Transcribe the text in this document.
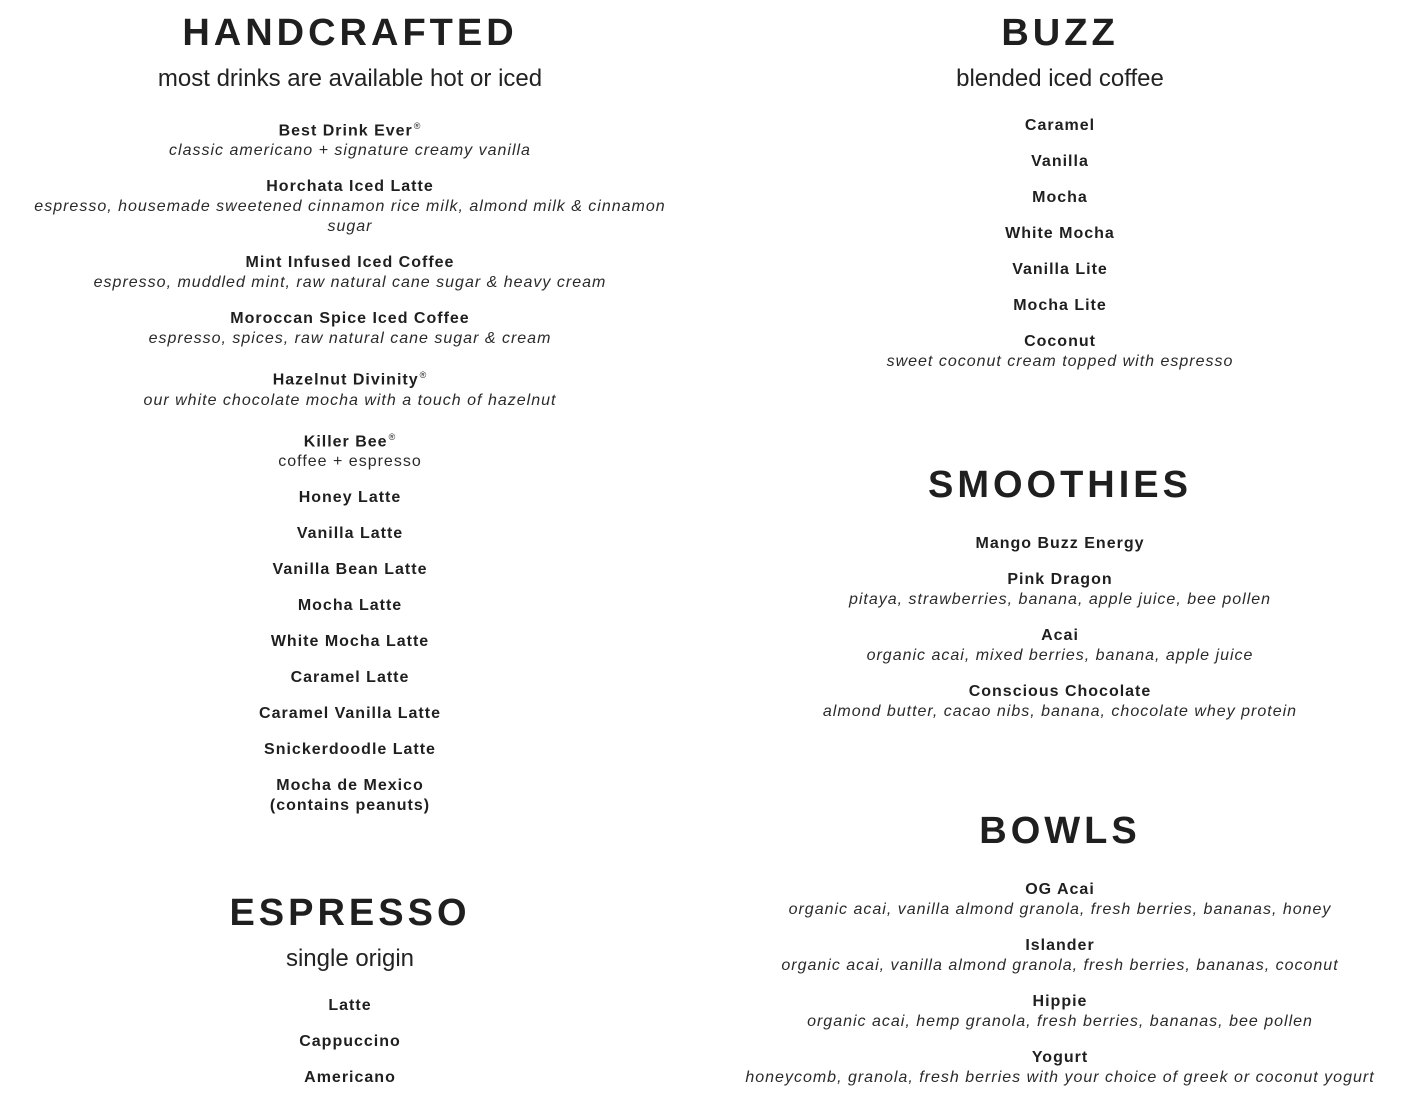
HANDCRAFTED
most drinks are available hot or iced
Best Drink Ever®
classic americano + signature creamy vanilla
Horchata Iced Latte
espresso, housemade sweetened cinnamon rice milk, almond milk & cinnamon sugar
Mint Infused Iced Coffee
espresso, muddled mint, raw natural cane sugar & heavy cream
Moroccan Spice Iced Coffee
espresso, spices, raw natural cane sugar & cream
Hazelnut Divinity®
our white chocolate mocha with a touch of hazelnut
Killer Bee®
coffee + espresso
Honey Latte
Vanilla Latte
Vanilla Bean Latte
Mocha Latte
White Mocha Latte
Caramel Latte
Caramel Vanilla Latte
Snickerdoodle Latte
Mocha de Mexico
(contains peanuts)
ESPRESSO
single origin
Latte
Cappuccino
Americano
BUZZ
blended iced coffee
Caramel
Vanilla
Mocha
White Mocha
Vanilla Lite
Mocha Lite
Coconut
sweet coconut cream topped with espresso
SMOOTHIES
Mango Buzz Energy
Pink Dragon
pitaya, strawberries, banana, apple juice, bee pollen
Acai
organic acai, mixed berries, banana, apple juice
Conscious Chocolate
almond butter, cacao nibs, banana, chocolate whey protein
BOWLS
OG Acai
organic acai, vanilla almond granola, fresh berries, bananas, honey
Islander
organic acai, vanilla almond granola, fresh berries, bananas, coconut
Hippie
organic acai, hemp granola, fresh berries, bananas, bee pollen
Yogurt
honeycomb, granola, fresh berries with your choice of greek or coconut yogurt
